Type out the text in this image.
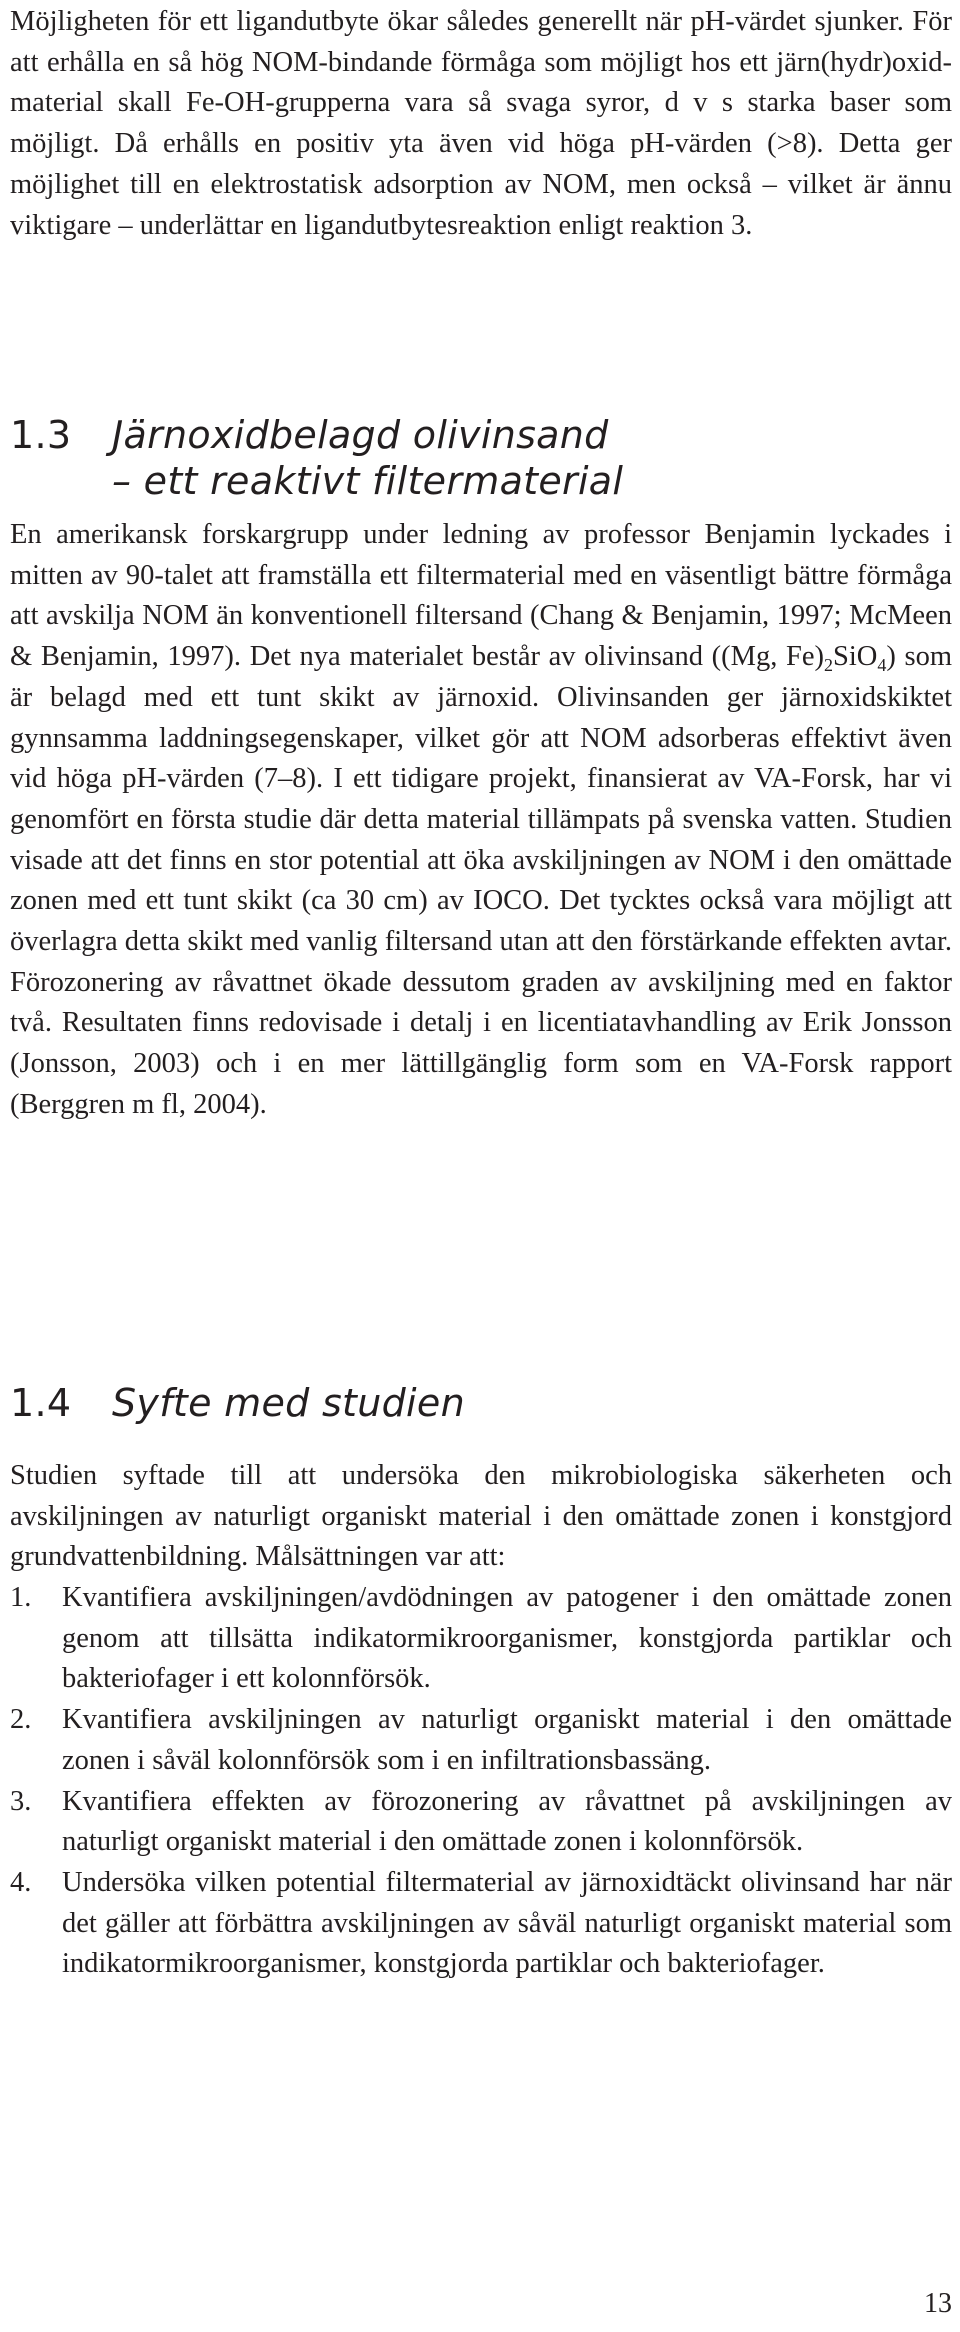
Möjligheten för ett ligandutbyte ökar således generellt när pH-värdet sjunker. För att erhålla en så hög NOM-bindande förmåga som möjligt hos ett järn(hydr)oxid-material skall Fe-OH-grupperna vara så svaga syror, d v s starka baser som möjligt. Då erhålls en positiv yta även vid höga pH-värden (>8). Detta ger möjlighet till en elektrostatisk adsorption av NOM, men också – vilket är ännu viktigare – underlättar en ligandutbytesreaktion enligt reaktion 3.

1.3 Järnoxidbelagd olivinsand
– ett reaktivt filtermaterial

En amerikansk forskargrupp under ledning av professor Benjamin lyckades i mitten av 90-talet att framställa ett filtermaterial med en väsentligt bättre förmåga att avskilja NOM än konventionell filtersand (Chang & Benjamin, 1997; McMeen & Benjamin, 1997). Det nya materialet består av olivinsand ((Mg, $Fe)_2SiO_4$) som är belagd med ett tunt skikt av järnoxid. Olivinsanden ger järnoxidskiktet gynnsamma laddningsegenskaper, vilket gör att NOM adsorberas effektivt även vid höga pH-värden (7–8). I ett tidigare projekt, finansierat av VA-Forsk, har vi genomfört en första studie där detta material tillämpats på svenska vatten. Studien visade att det finns en stor potential att öka avskiljningen av NOM i den omättade zonen med ett tunt skikt (ca 30 cm) av IOCO. Det tycktes också vara möjligt att överlagra detta skikt med vanlig filtersand utan att den förstärkande effekten avtar. Förozonering av råvattnet ökade dessutom graden av avskiljning med en faktor två. Resultaten finns redovisade i detalj i en licentiatavhandling av Erik Jonsson (Jonsson, 2003) och i en mer lättillgänglig form som en VA-Forsk rapport (Berggren m fl, 2004).

1.4 Syfte med studien

Studien syftade till att undersöka den mikrobiologiska säkerheten och avskiljningen av naturligt organiskt material i den omättade zonen i konstgjord grundvattenbildning. Målsättningen var att:

1. Kvantifiera avskiljningen/avdödningen av patogener i den omättade zonen genom att tillsätta indikatormikroorganismer, konstgjorda partiklar och bakteriofager i ett kolonnförsök.
2. Kvantifiera avskiljningen av naturligt organiskt material i den omättade zonen i såväl kolonnförsök som i en infiltrationsbassäng.
3. Kvantifiera effekten av förozonering av råvattnet på avskiljningen av naturligt organiskt material i den omättade zonen i kolonnförsök.
4. Undersöka vilken potential filtermaterial av järnoxidtäckt olivinsand har när det gäller att förbättra avskiljningen av såväl naturligt organiskt material som indikatormikroorganismer, konstgjorda partiklar och bakteriofager.
13
